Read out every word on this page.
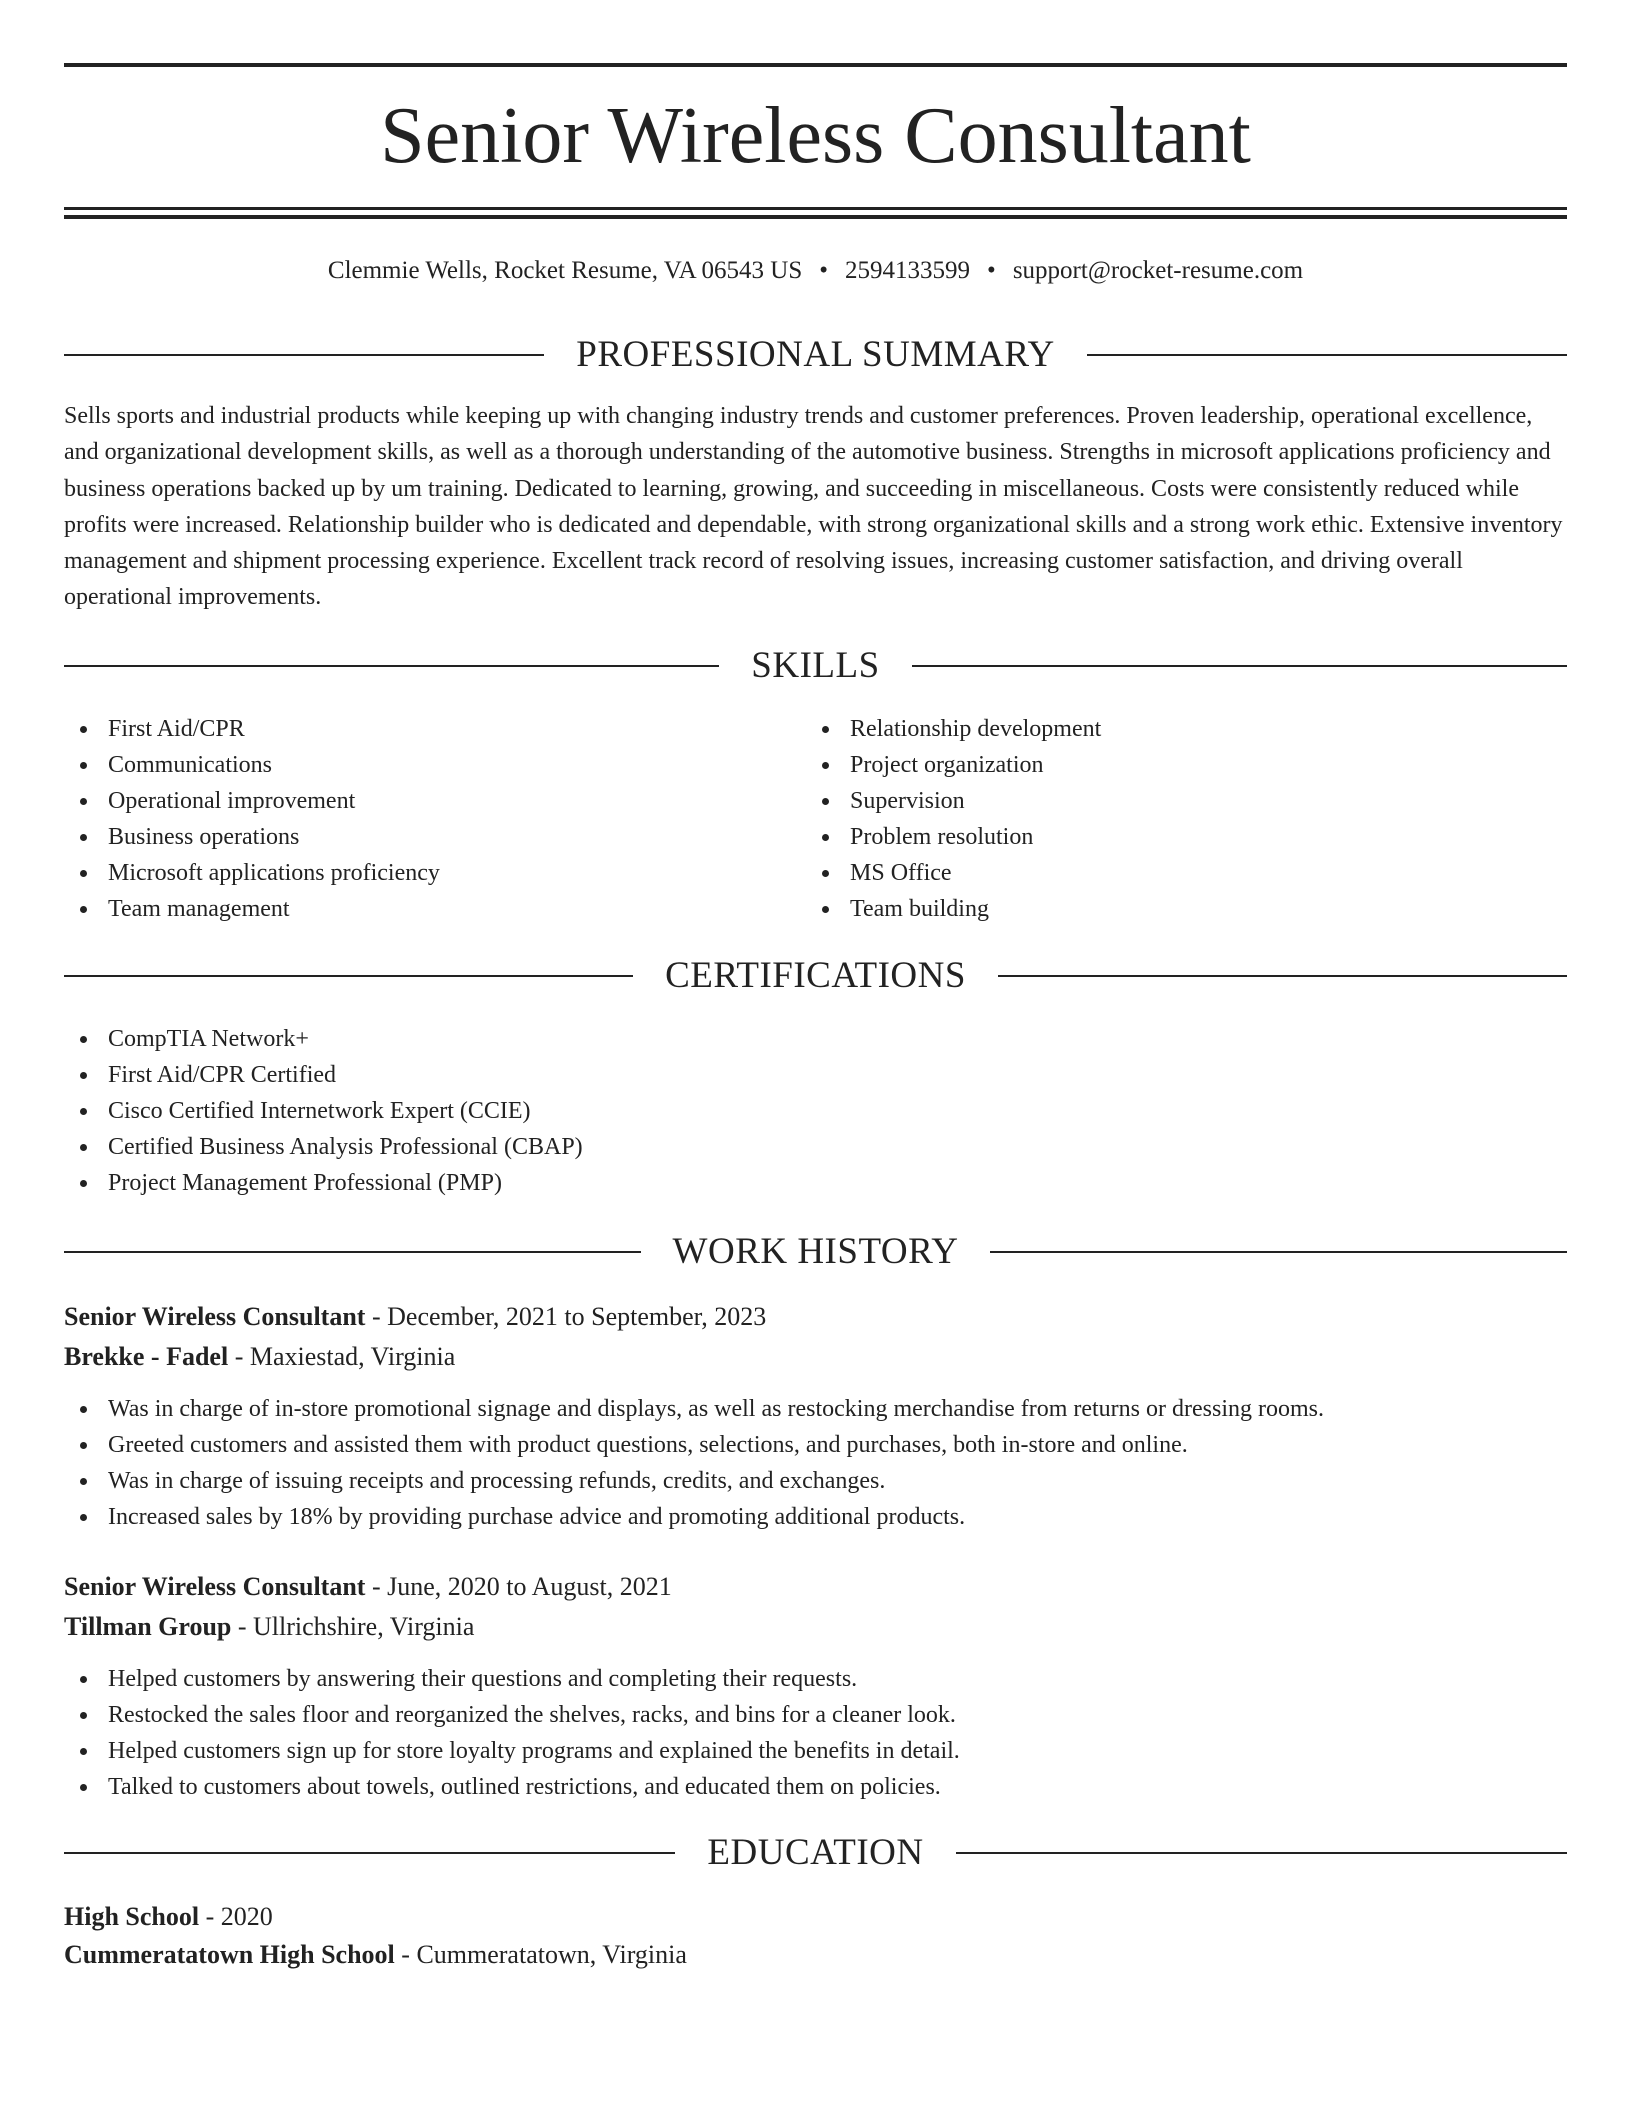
Senior Wireless Consultant
Clemmie Wells, Rocket Resume, VA 06543 US • 2594133599 • support@rocket-resume.com
PROFESSIONAL SUMMARY

Sells sports and industrial products while keeping up with changing industry trends and customer preferences. Proven leadership, operational excellence, and organizational development skills, as well as a thorough understanding of the automotive business. Strengths in microsoft applications proficiency and business operations backed up by um training. Dedicated to learning, growing, and succeeding in miscellaneous. Costs were consistently reduced while profits were increased. Relationship builder who is dedicated and dependable, with strong organizational skills and a strong work ethic. Extensive inventory management and shipment processing experience. Excellent track record of resolving issues, increasing customer satisfaction, and driving overall operational improvements.

SKILLS
First Aid/CPR
Communications
Operational improvement
Business operations
Microsoft applications proficiency
Team management
Relationship development
Project organization
Supervision
Problem resolution
MS Office
Team building
CERTIFICATIONS
CompTIA Network+
First Aid/CPR Certified
Cisco Certified Internetwork Expert (CCIE)
Certified Business Analysis Professional (CBAP)
Project Management Professional (PMP)
WORK HISTORY
Senior Wireless Consultant - December, 2021 to September, 2023
Brekke - Fadel - Maxiestad, Virginia
Was in charge of in-store promotional signage and displays, as well as restocking merchandise from returns or dressing rooms.
Greeted customers and assisted them with product questions, selections, and purchases, both in-store and online.
Was in charge of issuing receipts and processing refunds, credits, and exchanges.
Increased sales by 18% by providing purchase advice and promoting additional products.
Senior Wireless Consultant - June, 2020 to August, 2021
Tillman Group - Ullrichshire, Virginia
Helped customers by answering their questions and completing their requests.
Restocked the sales floor and reorganized the shelves, racks, and bins for a cleaner look.
Helped customers sign up for store loyalty programs and explained the benefits in detail.
Talked to customers about towels, outlined restrictions, and educated them on policies.
EDUCATION
High School - 2020
Cummeratatown High School - Cummeratatown, Virginia
